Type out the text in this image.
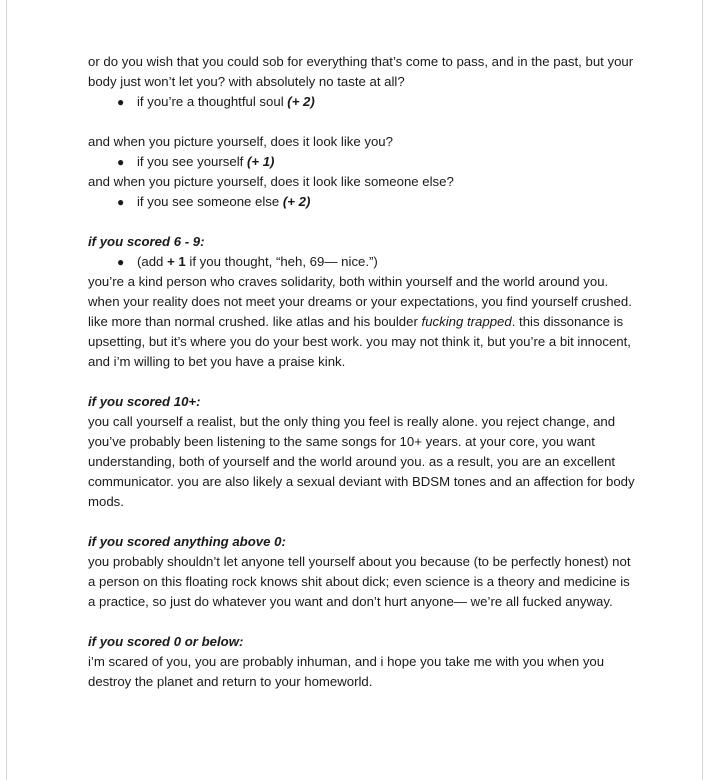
or do you wish that you could sob for everything that’s come to pass, and in the past, but your

body just won’t let you? with absolutely no taste at all?

● if you’re a thoughtful soul (+ 2)

and when you picture yourself, does it look like you?

● if you see yourself (+ 1)

and when you picture yourself, does it look like someone else?

● if you see someone else (+ 2)

if you scored 6 - 9:

● (add + 1 if you thought, “heh, 69— nice.”)

you’re a kind person who craves solidarity, both within yourself and the world around you. when your reality does not meet your dreams or your expectations, you find yourself crushed. like more than normal crushed. like atlas and his boulder fucking trapped. this dissonance is upsetting, but it’s where you do your best work. you may not think it, but you’re a bit innocent, and i’m willing to bet you have a praise kink.

if you scored 10+:

you call yourself a realist, but the only thing you feel is really alone. you reject change, and you’ve probably been listening to the same songs for 10+ years. at your core, you want understanding, both of yourself and the world around you. as a result, you are an excellent communicator. you are also likely a sexual deviant with BDSM tones and an affection for body mods.

if you scored anything above 0:

you probably shouldn’t let anyone tell yourself about you because (to be perfectly honest) not a person on this floating rock knows shit about dick; even science is a theory and medicine is a practice, so just do whatever you want and don’t hurt anyone— we’re all fucked anyway.

if you scored 0 or below:

i’m scared of you, you are probably inhuman, and i hope you take me with you when you destroy the planet and return to your homeworld.
